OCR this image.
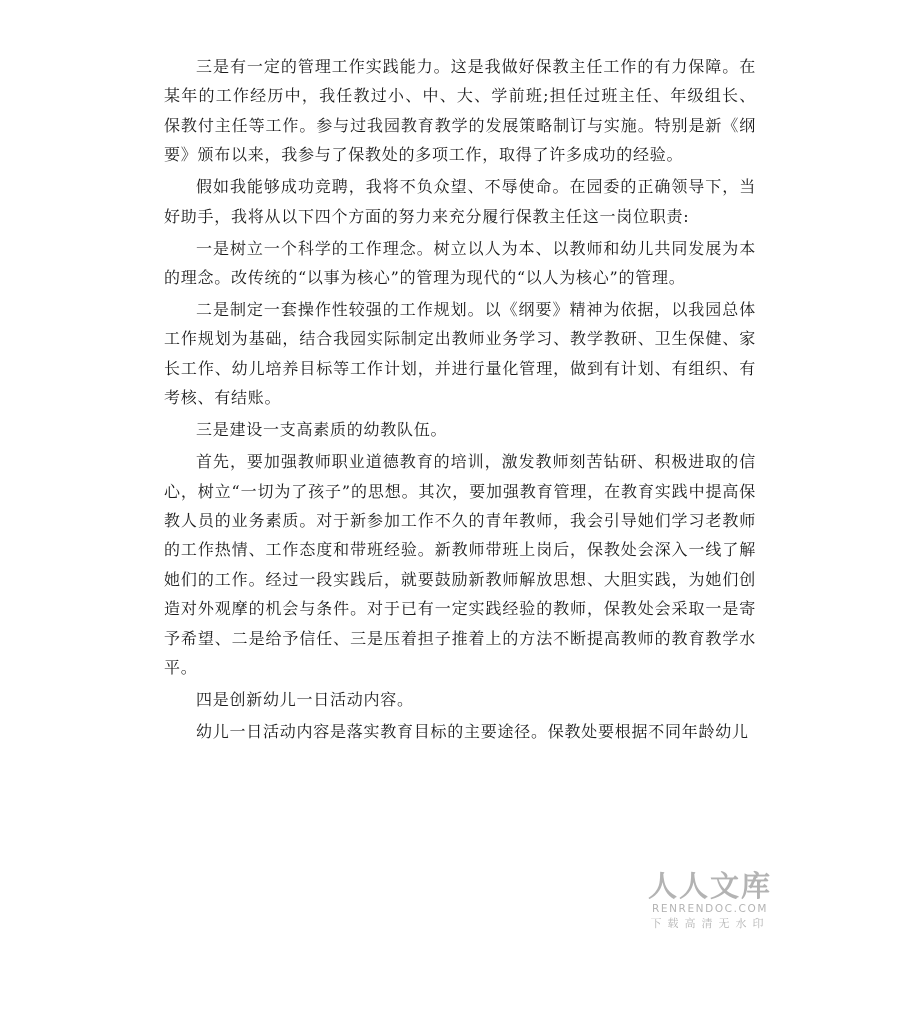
三是有一定的管理工作实践能力。这是我做好保教主任工作的有力保障。在某年的工作经历中，我任教过小、中、大、学前班;担任过班主任、年级组长、保教付主任等工作。参与过我园教育教学的发展策略制订与实施。特别是新《纲要》颁布以来，我参与了保教处的多项工作，取得了许多成功的经验。

假如我能够成功竞聘，我将不负众望、不辱使命。在园委的正确领导下，当好助手，我将从以下四个方面的努力来充分履行保教主任这一岗位职责:

一是树立一个科学的工作理念。树立以人为本、以教师和幼儿共同发展为本的理念。改传统的“以事为核心”的管理为现代的“以人为核心”的管理。

二是制定一套操作性较强的工作规划。以《纲要》精神为依据，以我园总体工作规划为基础，结合我园实际制定出教师业务学习、教学教研、卫生保健、家长工作、幼儿培养目标等工作计划，并进行量化管理，做到有计划、有组织、有考核、有结账。

三是建设一支高素质的幼教队伍。

首先，要加强教师职业道德教育的培训，激发教师刻苦钻研、积极进取的信心，树立“一切为了孩子”的思想。其次，要加强教育管理，在教育实践中提高保教人员的业务素质。对于新参加工作不久的青年教师，我会引导她们学习老教师的工作热情、工作态度和带班经验。新教师带班上岗后，保教处会深入一线了解她们的工作。经过一段实践后，就要鼓励新教师解放思想、大胆实践，为她们创造对外观摩的机会与条件。对于已有一定实践经验的教师，保教处会采取一是寄予希望、二是给予信任、三是压着担子推着上的方法不断提高教师的教育教学水平。

四是创新幼儿一日活动内容。

幼儿一日活动内容是落实教育目标的主要途径。保教处要根据不同年龄幼儿

人人文库
RENRENDOC.COM
下载高清无水印
